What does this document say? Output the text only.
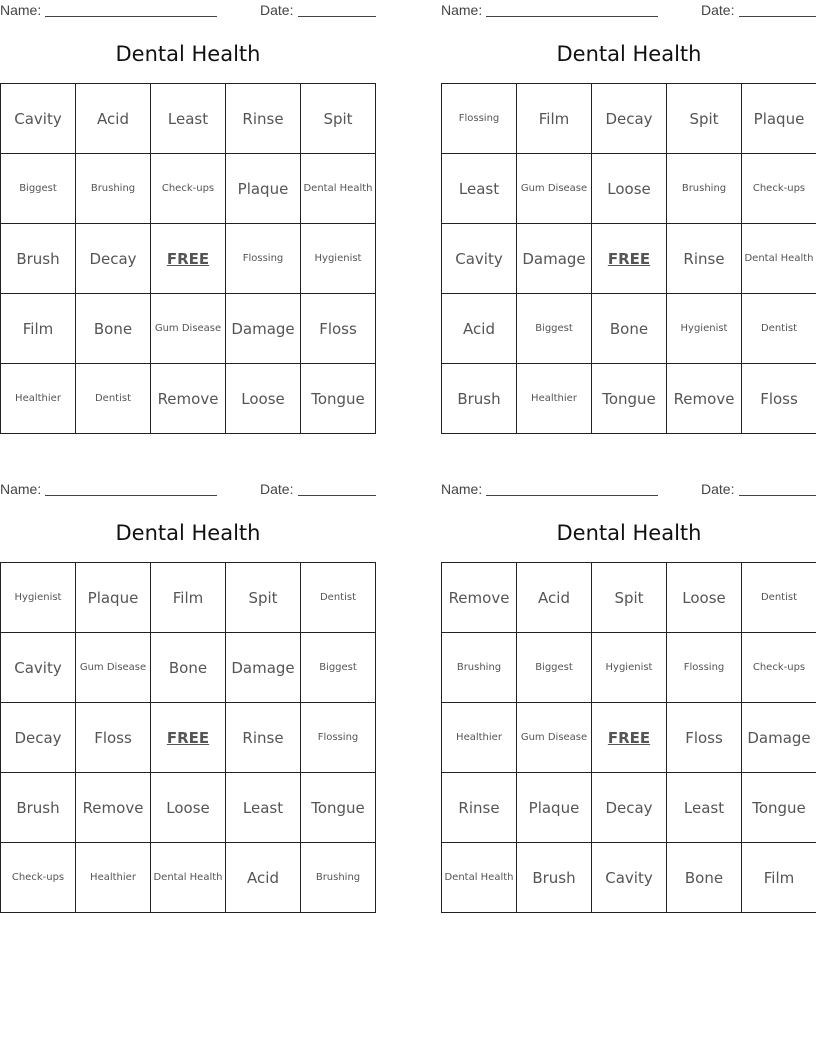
Name:	Date:
Dental Health
Cavity	Acid	Least	Rinse	Spit
Biggest	Brushing	Check-ups	Plaque	Dental Health
Brush	Decay	FREE	Flossing	Hygienist
Film	Bone	Gum Disease	Damage	Floss
Healthier	Dentist	Remove	Loose	Tongue
Name:	Date:
Dental Health
Flossing	Film	Decay	Spit	Plaque
Least	Gum Disease	Loose	Brushing	Check-ups
Cavity	Damage	FREE	Rinse	Dental Health
Acid	Biggest	Bone	Hygienist	Dentist
Brush	Healthier	Tongue	Remove	Floss
Name:	Date:
Dental Health
Hygienist	Plaque	Film	Spit	Dentist
Cavity	Gum Disease	Bone	Damage	Biggest
Decay	Floss	FREE	Rinse	Flossing
Brush	Remove	Loose	Least	Tongue
Check-ups	Healthier	Dental Health	Acid	Brushing
Name:	Date:
Dental Health
Remove	Acid	Spit	Loose	Dentist
Brushing	Biggest	Hygienist	Flossing	Check-ups
Healthier	Gum Disease	FREE	Floss	Damage
Rinse	Plaque	Decay	Least	Tongue
Dental Health	Brush	Cavity	Bone	Film
